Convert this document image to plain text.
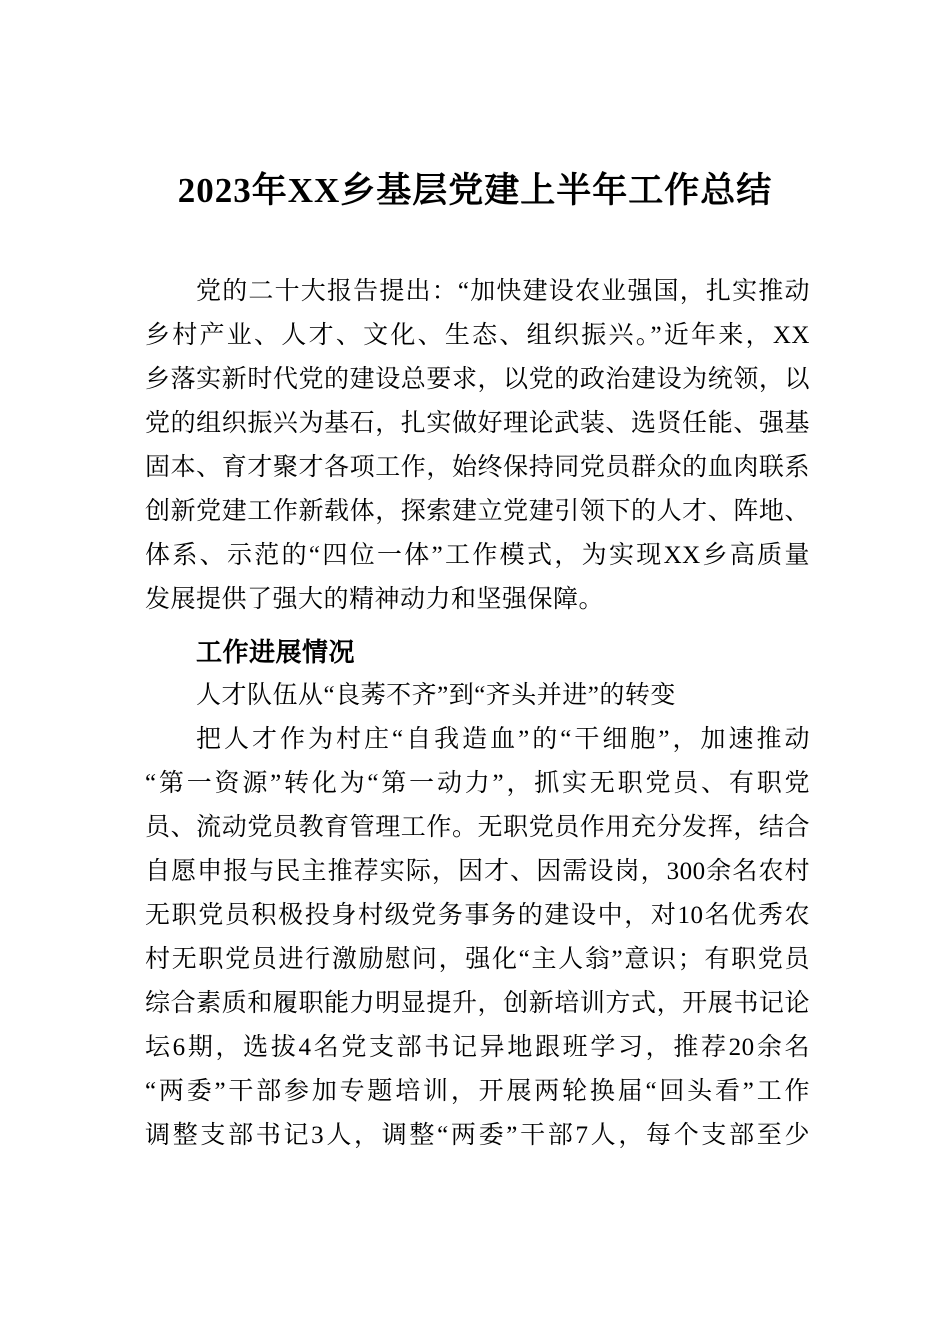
2023年XX乡基层党建上半年工作总结
党的二十大报告提出：“加快建设农业强国，扎实推动
乡村产业、人才、文化、生态、组织振兴。”近年来，XX
乡落实新时代党的建设总要求，以党的政治建设为统领，以
党的组织振兴为基石，扎实做好理论武装、选贤任能、强基
固本、育才聚才各项工作，始终保持同党员群众的血肉联系
创新党建工作新载体，探索建立党建引领下的人才、阵地、
体系、示范的“四位一体”工作模式，为实现XX乡高质量
发展提供了强大的精神动力和坚强保障。
工作进展情况
人才队伍从“良莠不齐”到“齐头并进”的转变
把人才作为村庄“自我造血”的“干细胞”，加速推动
“第一资源”转化为“第一动力”，抓实无职党员、有职党
员、流动党员教育管理工作。无职党员作用充分发挥，结合
自愿申报与民主推荐实际，因才、因需设岗，300余名农村
无职党员积极投身村级党务事务的建设中，对10名优秀农
村无职党员进行激励慰问，强化“主人翁”意识；有职党员
综合素质和履职能力明显提升，创新培训方式，开展书记论
坛6期，选拔4名党支部书记异地跟班学习，推荐20余名
“两委”干部参加专题培训，开展两轮换届“回头看”工作
调整支部书记3人，调整“两委”干部7人，每个支部至少
